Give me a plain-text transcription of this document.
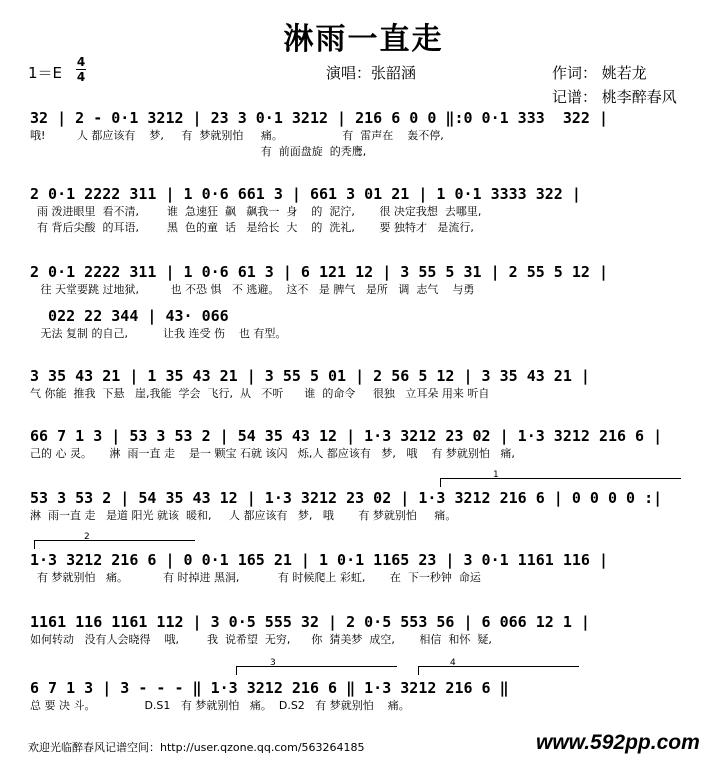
淋雨一直走
1＝E
4
4	演唱：张韶涵	作词： 姚若龙
记谱： 桃李醉春风
32 | 2 - 0·1 3212 | 23 3 0·1 3212 | 216 6 0 0 ‖:0 0·1 333  322 |
哦!         人 都应该有    梦,     有  梦就别怕     痛。                 有  雷声在    轰不停,
有  前面盘旋  的秃鹰,
2 0·1 2222 311 | 1 0·6 661 3 | 661 3 01 21 | 1 0·1 3333 322 |
雨 泼进眼里  看不清,        谁  急速狂  飙   飙我一  身    的  泥泞,       很 决定我想  去哪里,
有 背后尖酸  的耳语,        黑  色的童  话   是给长  大    的  洗礼,       要 独特才   是流行,
2 0·1 2222 311 | 1 0·6 61 3 | 6 121 12 | 3 55 5 31 | 2 55 5 12 |
往 天堂要跳 过地狱,         也 不恐 惧   不 逃避。  这不   是 脾气   是所   调  志气    与勇
022 22 344 | 43· 066
无法 复制 的自己,          让我 连受 伤    也 有型。
3 35 43 21 | 1 35 43 21 | 3 55 5 01 | 2 56 5 12 | 3 35 43 21 |
气 你能  推我  下悬   崖,我能  学会  飞行,  从   不听      谁  的命令     很独   立耳朵 用来 听自
66 7 1 3 | 53 3 53 2 | 54 35 43 12 | 1·3 3212 23 02 | 1·3 3212 216 6 |
己的 心 灵。     淋  雨一直 走    是一 颗宝 石就 该闪   烁,人 都应该有   梦,   哦    有 梦就别怕   痛,
1
53 3 53 2 | 54 35 43 12 | 1·3 3212 23 02 | 1·3 3212 216 6 | 0 0 0 0 :|
淋  雨一直 走   是道 阳光 就该  暖和,     人 都应该有   梦,   哦       有 梦就别怕     痛。
2
1·3 3212 216 6 | 0 0·1 165 21 | 1 0·1 1165 23 | 3 0·1 1161 116 |
有 梦就别怕   痛。          有 时掉进 黑洞,           有 时候爬上 彩虹,       在  下一秒钟  命运
1161 116 1161 112 | 3 0·5 555 32 | 2 0·5 553 56 | 6 066 12 1 |
如何转动   没有人会晓得    哦,        我  说希望  无穷,      你  猜美梦  成空,       相信  和怀  疑,
3	4
6 7 1 3 | 3 - - - ‖ 1·3 3212 216 6 ‖ 1·3 3212 216 6 ‖
总 要 决 斗。              D.S1   有 梦就别怕   痛。  D.S2   有 梦就别怕    痛。
欢迎光临醉春风记谱空间：http://user.qzone.qq.com/563264185	www.592pp.com
